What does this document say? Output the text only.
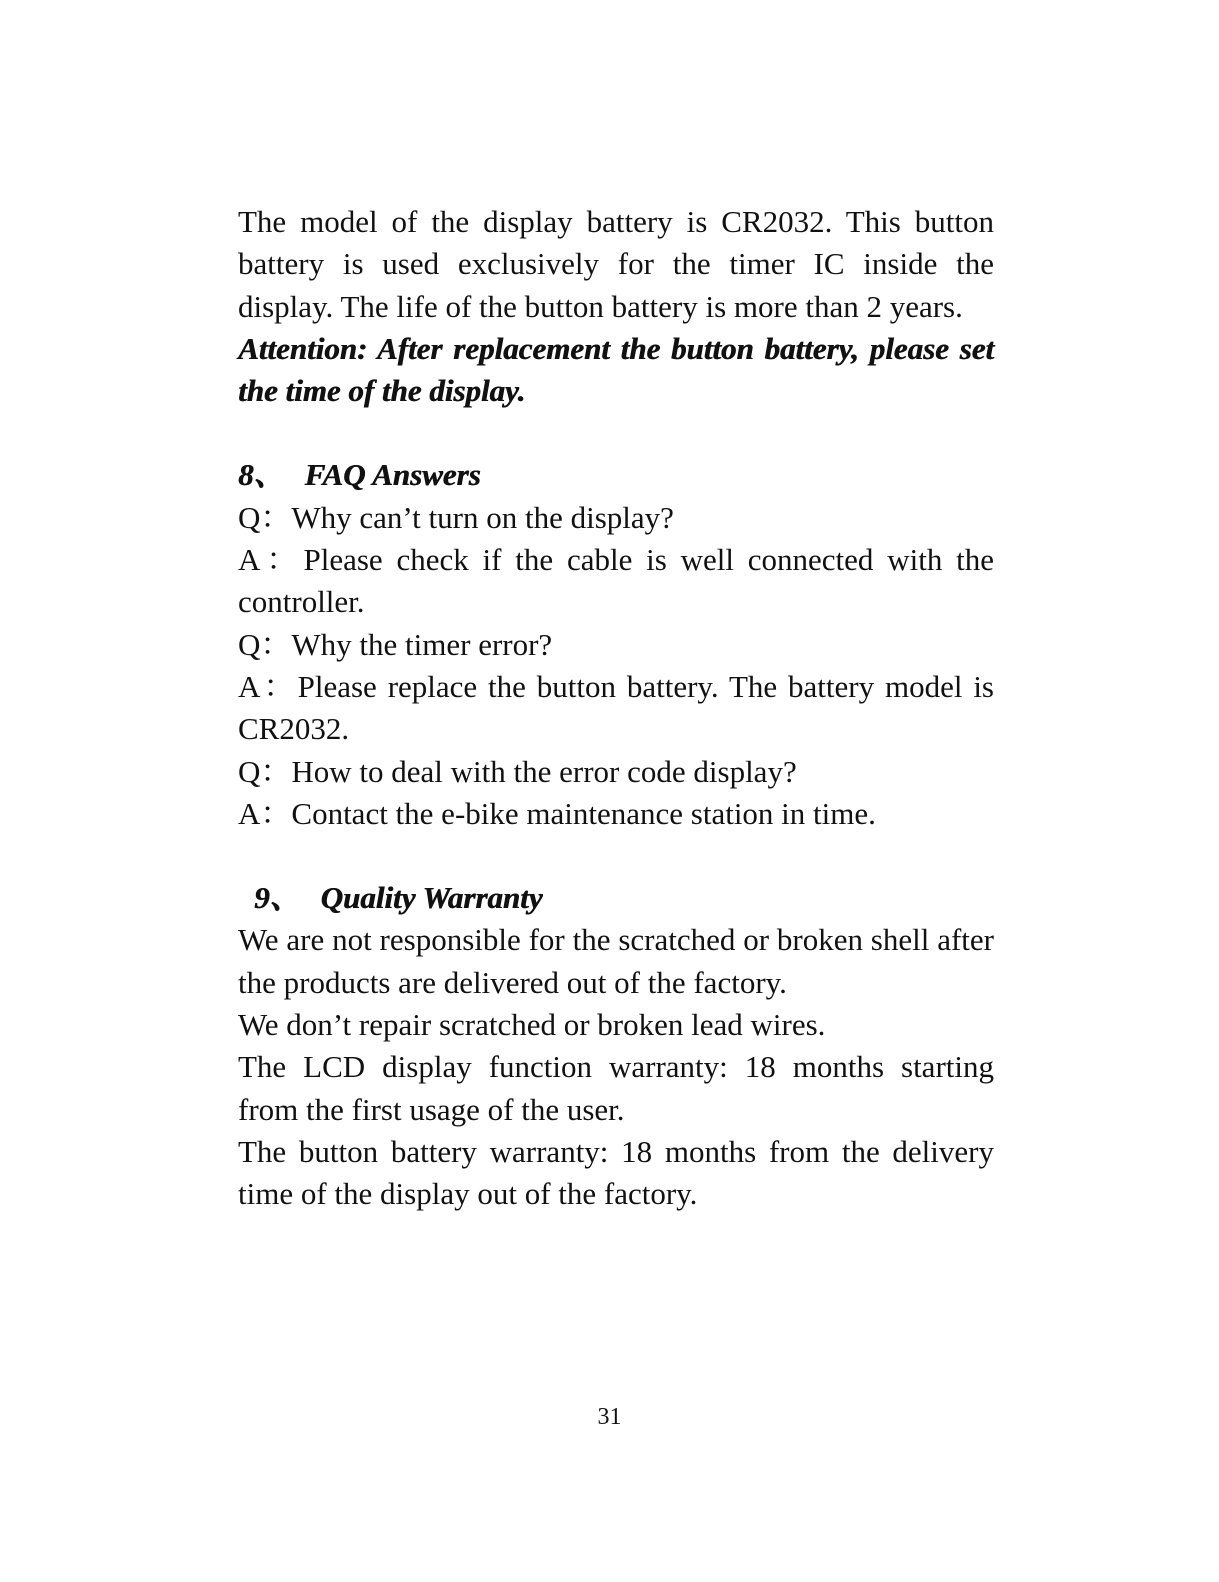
The model of the display battery is CR2032. This button battery is used exclusively for the timer IC inside the display. The life of the button battery is more than 2 years.

Attention: After replacement the button battery, please set the time of the display.

8、 FAQ Answers

Q：Why can’t turn on the display?

A：Please check if the cable is well connected with the controller.

Q：Why the timer error?

A：Please replace the button battery. The battery model is CR2032.

Q：How to deal with the error code display?

A：Contact the e-bike maintenance station in time.

9、 Quality Warranty

We are not responsible for the scratched or broken shell after the products are delivered out of the factory.

We don’t repair scratched or broken lead wires.

The LCD display function warranty: 18 months starting from the first usage of the user.

The button battery warranty: 18 months from the delivery time of the display out of the factory.

31
